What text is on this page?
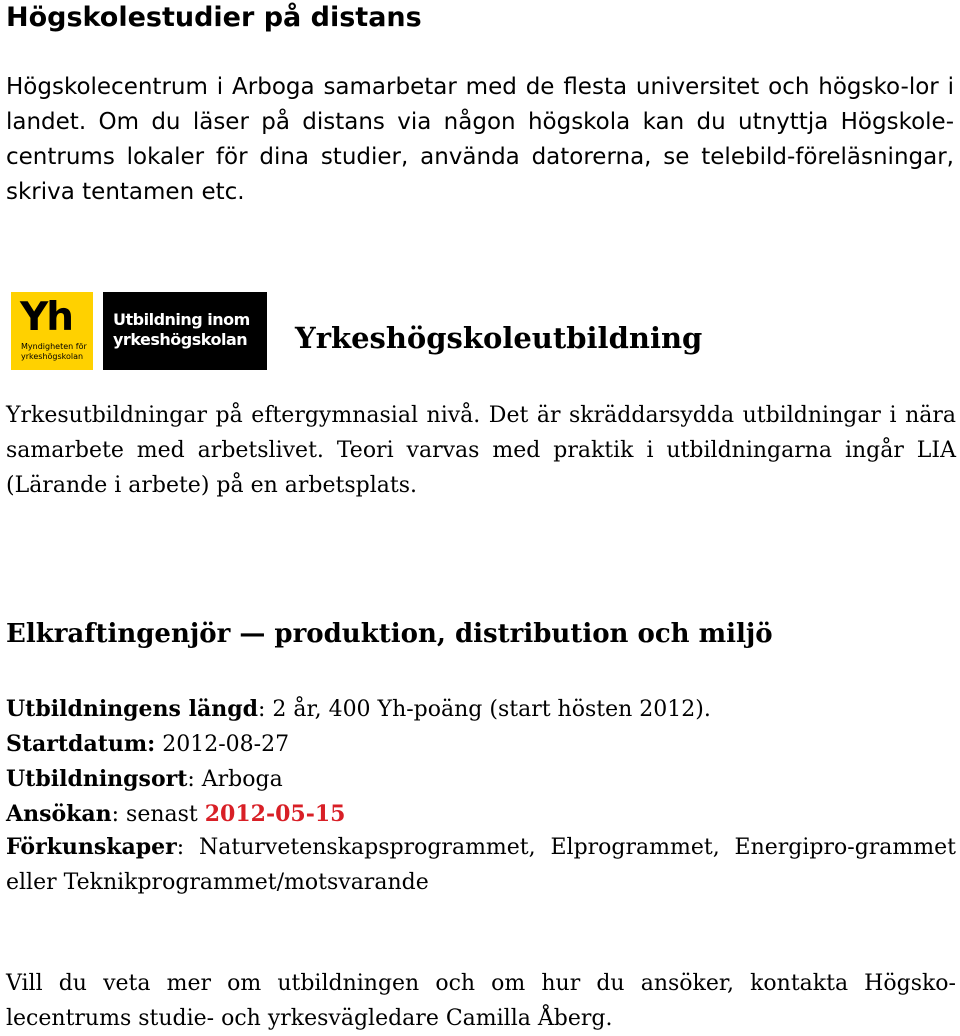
Högskolestudier på distans

Högskolecentrum i Arboga samarbetar med de flesta universitet och högsko-lor i landet. Om du läser på distans via någon högskola kan du utnyttja Högskole-centrums lokaler för dina studier, använda datorerna, se telebild-föreläsningar, skriva tentamen etc.

Yh
Myndigheten för yrkeshögskolan
Utbildning inom
yrkeshögskolan Yrkeshögskoleutbildning

Yrkesutbildningar på eftergymnasial nivå. Det är skräddarsydda utbildningar i nära samarbete med arbetslivet. Teori varvas med praktik i utbildningarna ingår LIA (Lärande i arbete) på en arbetsplats.

Elkraftingenjör — produktion, distribution och miljö

Utbildningens längd: 2 år, 400 Yh-poäng (start hösten 2012).

Startdatum: 2012-08-27

Utbildningsort: Arboga

Ansökan: senast 2012-05-15

Förkunskaper: Naturvetenskapsprogrammet, Elprogrammet, Energipro-grammet eller Teknikprogrammet/motsvarande

Vill du veta mer om utbildningen och om hur du ansöker, kontakta Högsko-lecentrums studie- och yrkesvägledare Camilla Åberg.
